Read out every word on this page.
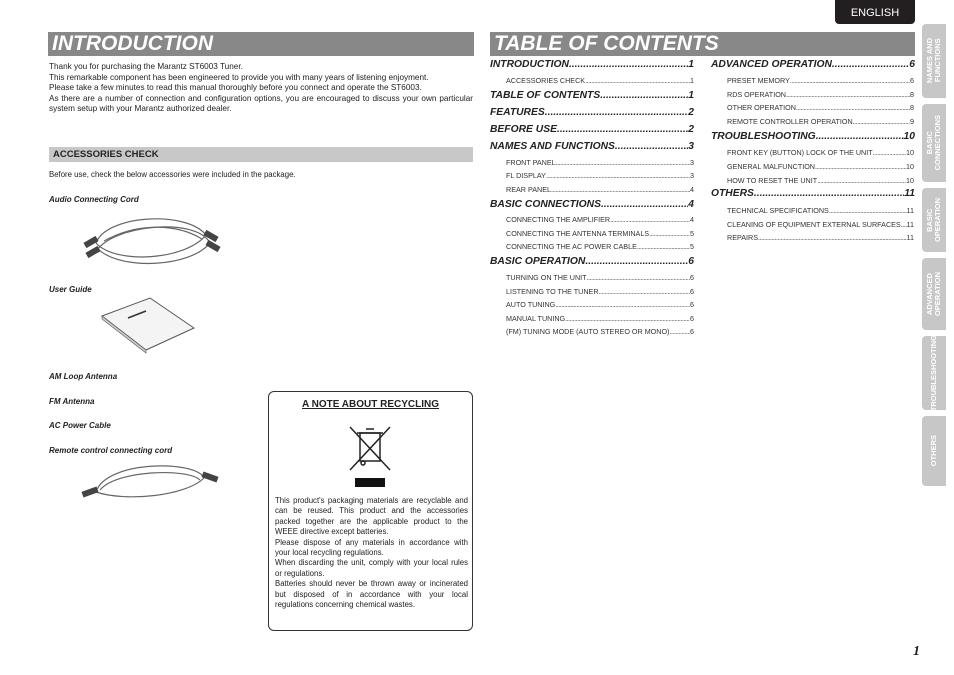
ENGLISH
INTRODUCTION

Thank you for purchasing the Marantz ST6003 Tuner.

This remarkable component has been engineered to provide you with many years of listening enjoyment.

Please take a few minutes to read this manual thoroughly before you connect and operate the ST6003.

As there are a number of connection and configuration options, you are encouraged to discuss your own particular system setup with your Marantz authorized dealer.

ACCESSORIES CHECK
Before use, check the below accessories were included in the package.
Audio Connecting Cord
User Guide
AM Loop Antenna
FM Antenna
AC Power Cable
Remote control connecting cord
A NOTE ABOUT RECYCLING

This product's packaging materials are recyclable and can be reused. This product and the accessories packed together are the applicable product to the WEEE directive except batteries.

Please dispose of any materials in accordance with your local recycling regulations.

When discarding the unit, comply with your local rules or regulations.

Batteries should never be thrown away or incinerated but disposed of in accordance with your local regulations concerning chemical wastes.

TABLE OF CONTENTS
INTRODUCTION .....	1
ACCESSORIES CHECK .....	1
TABLE OF CONTENTS .....	1
FEATURES .....	2
BEFORE USE .....	2
NAMES AND FUNCTIONS .....	3
FRONT PANEL .....	3
FL DISPLAY .....	3
REAR PANEL .....	4
BASIC CONNECTIONS .....	4
CONNECTING THE AMPLIFIER .....	4
CONNECTING THE ANTENNA TERMINALS .....	5
CONNECTING THE AC POWER CABLE .....	5
BASIC OPERATION .....	6
TURNING ON THE UNIT .....	6
LISTENING TO THE TUNER .....	6
AUTO TUNING .....	6
MANUAL TUNING .....	6
(FM) TUNING MODE (AUTO STEREO OR MONO) .....	6
ADVANCED OPERATION .....	6
PRESET MEMORY .....	6
RDS OPERATION .....	8
OTHER OPERATION .....	8
REMOTE CONTROLLER OPERATION .....	9
TROUBLESHOOTING .....	10
FRONT KEY (BUTTON) LOCK OF THE UNIT .....	10
GENERAL MALFUNCTION .....	10
HOW TO RESET THE UNIT .....	10
OTHERS .....	11
TECHNICAL SPECIFICATIONS .....	11
CLEANING OF EQUIPMENT EXTERNAL SURFACES ..... 11
REPAIRS .....	11
NAMES AND
FUNCTIONS
BASIC
CONNECTIONS
BASIC
OPERATION
ADVANCED
OPERATION
TROUBLESHOOTING
OTHERS
1
